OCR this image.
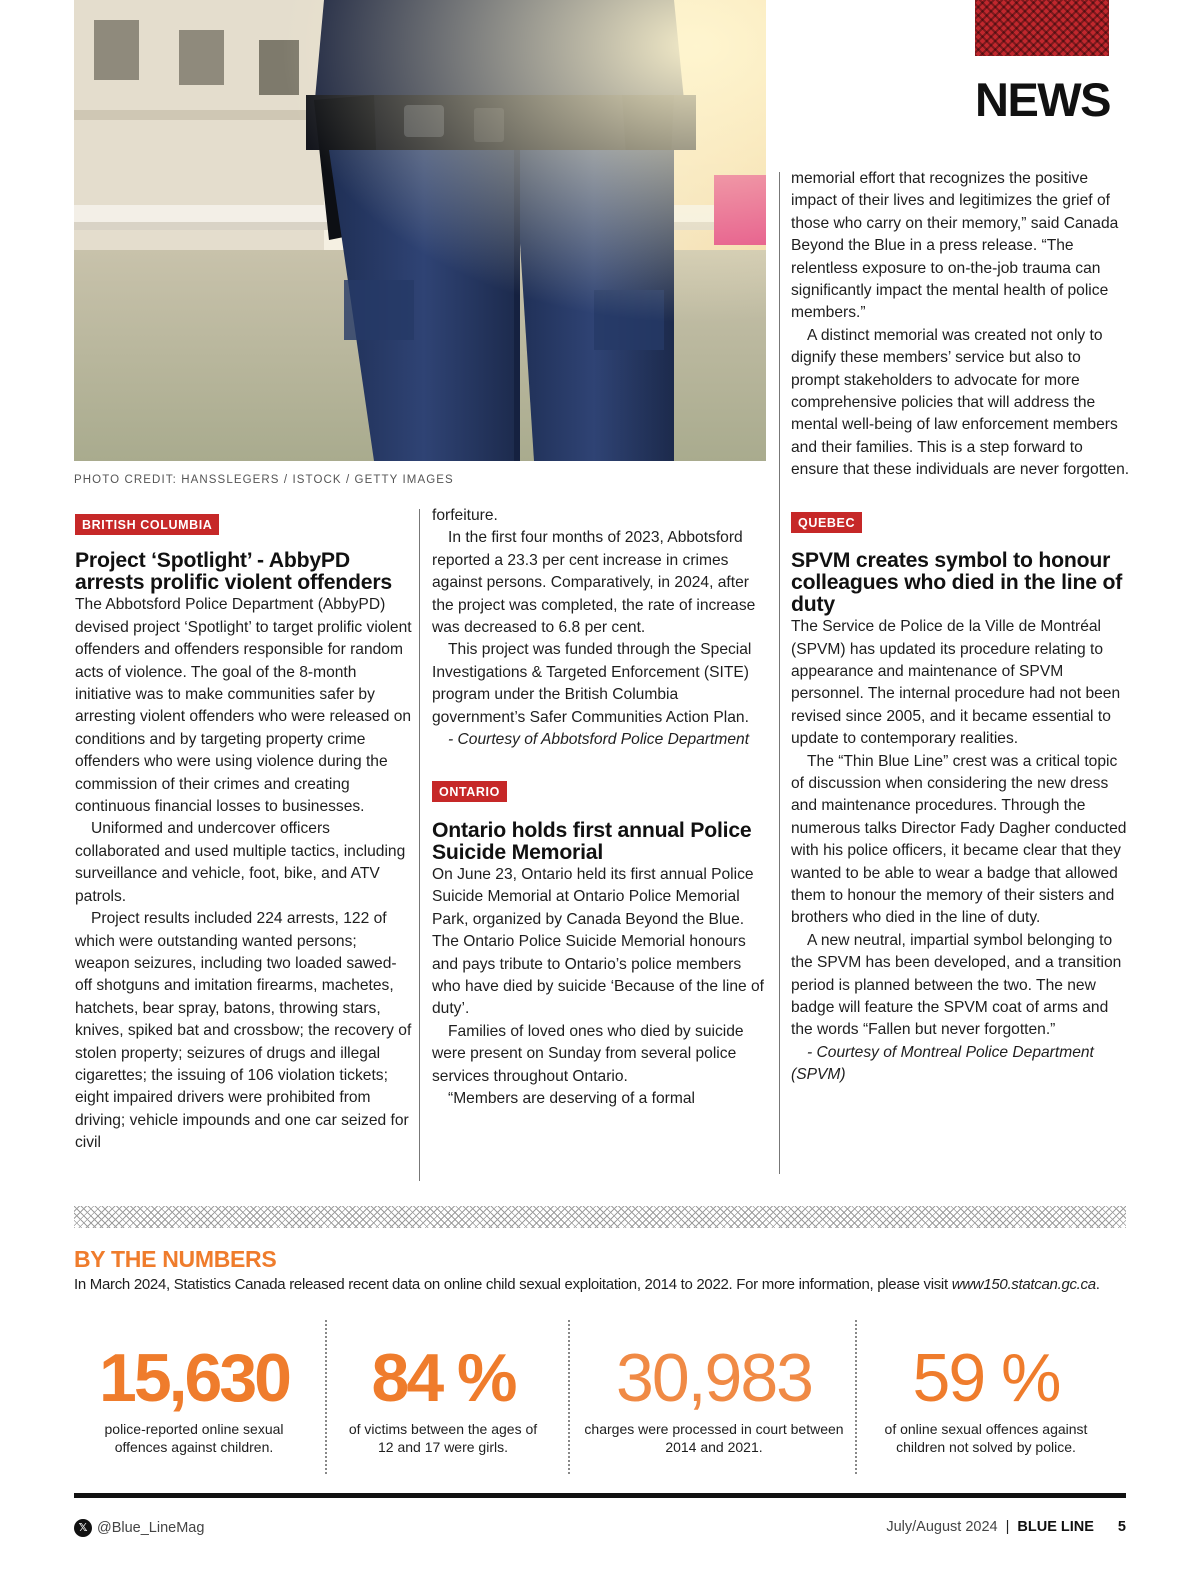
PHOTO CREDIT: HANSSLEGERS / ISTOCK / GETTY IMAGES
NEWS
BRITISH COLUMBIA
Project ‘Spotlight’ - AbbyPD arrests prolific violent offenders

The Abbotsford Police Department (AbbyPD) devised project ‘Spotlight’ to target prolific violent offenders and offenders responsible for random acts of violence. The goal of the 8-month initiative was to make communities safer by arresting violent offenders who were released on conditions and by targeting property crime offenders who were using violence during the commission of their crimes and creating continuous financial losses to businesses.

Uniformed and undercover officers collaborated and used multiple tactics, including surveillance and vehicle, foot, bike, and ATV patrols.

Project results included 224 arrests, 122 of which were outstanding wanted persons; weapon seizures, including two loaded sawed-off shotguns and imitation firearms, machetes, hatchets, bear spray, batons, throwing stars, knives, spiked bat and crossbow; the recovery of stolen property; seizures of drugs and illegal cigarettes; the issuing of 106 violation tickets; eight impaired drivers were prohibited from driving; vehicle impounds and one car seized for civil

forfeiture.

In the first four months of 2023, Abbotsford reported a 23.3 per cent increase in crimes against persons. Comparatively, in 2024, after the project was completed, the rate of increase was decreased to 6.8 per cent.

This project was funded through the Special Investigations & Targeted Enforcement (SITE) program under the British Columbia government’s Safer Communities Action Plan.

- Courtesy of Abbotsford Police Department

ONTARIO
Ontario holds first annual Police Suicide Memorial

On June 23, Ontario held its first annual Police Suicide Memorial at Ontario Police Memorial Park, organized by Canada Beyond the Blue. The Ontario Police Suicide Memorial honours and pays tribute to Ontario’s police members who have died by suicide ‘Because of the line of duty’.

Families of loved ones who died by suicide were present on Sunday from several police services throughout Ontario.

“Members are deserving of a formal

memorial effort that recognizes the positive impact of their lives and legitimizes the grief of those who carry on their memory,” said Canada Beyond the Blue in a press release. “The relentless exposure to on-the-job trauma can significantly impact the mental health of police members.”

A distinct memorial was created not only to dignify these members’ service but also to prompt stakeholders to advocate for more comprehensive policies that will address the mental well-being of law enforcement members and their families. This is a step forward to ensure that these individuals are never forgotten.

QUEBEC
SPVM creates symbol to honour colleagues who died in the line of duty

The Service de Police de la Ville de Montréal (SPVM) has updated its procedure relating to appearance and maintenance of SPVM personnel. The internal procedure had not been revised since 2005, and it became essential to update to contemporary realities.

The “Thin Blue Line” crest was a critical topic of discussion when considering the new dress and maintenance procedures. Through the numerous talks Director Fady Dagher conducted with his police officers, it became clear that they wanted to be able to wear a badge that allowed them to honour the memory of their sisters and brothers who died in the line of duty.

A new neutral, impartial symbol belonging to the SPVM has been developed, and a transition period is planned between the two. The new badge will feature the SPVM coat of arms and the words “Fallen but never forgotten.”

- Courtesy of Montreal Police Department (SPVM)

BY THE NUMBERS
In March 2024, Statistics Canada released recent data on online child sexual exploitation, 2014 to 2022. For more information, please visit www150.statcan.gc.ca.
15,630
police-reported online sexual
offences against children.
84 %
of victims between the ages of
12 and 17 were girls.
30,983
charges were processed in court between
2014 and 2021.
59 %
of online sexual offences against
children not solved by police.
𝕏 @Blue_LineMag	July/August 2024 | BLUE LINE 5
